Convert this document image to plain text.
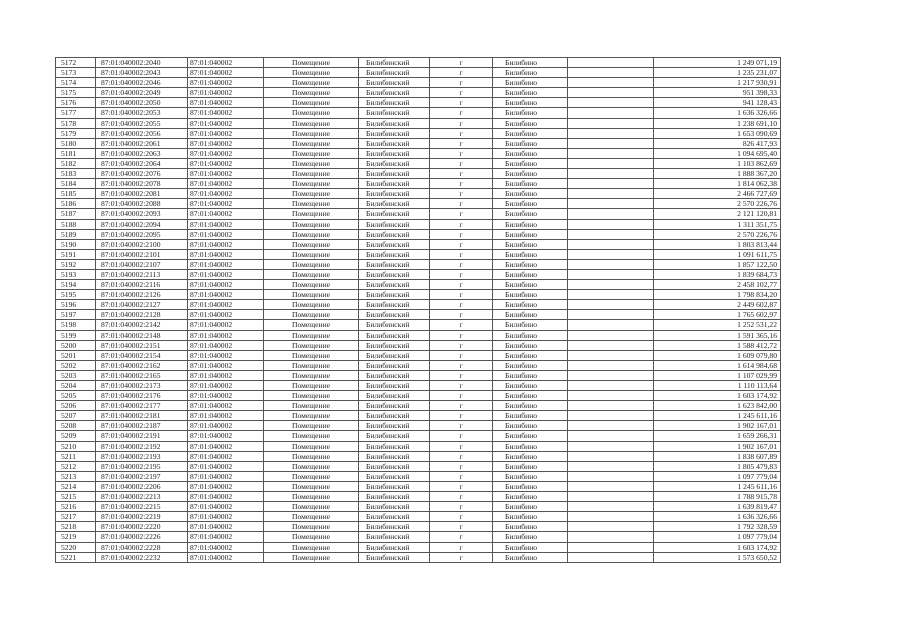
5172	87:01:040002:2040	87:01:040002	Помещение	Билибинский	г	Билибино		1 249 071,19
5173	87:01:040002:2043	87:01:040002	Помещение	Билибинский	г	Билибино		1 235 231,07
5174	87:01:040002:2046	87:01:040002	Помещение	Билибинский	г	Билибино		1 217 930,91
5175	87:01:040002:2049	87:01:040002	Помещение	Билибинский	г	Билибино		951 398,33
5176	87:01:040002:2050	87:01:040002	Помещение	Билибинский	г	Билибино		941 128,43
5177	87:01:040002:2053	87:01:040002	Помещение	Билибинский	г	Билибино		1 636 326,66
5178	87:01:040002:2055	87:01:040002	Помещение	Билибинский	г	Билибино		1 238 691,10
5179	87:01:040002:2056	87:01:040002	Помещение	Билибинский	г	Билибино		1 653 090,69
5180	87:01:040002:2061	87:01:040002	Помещение	Билибинский	г	Билибино		826 417,93
5181	87:01:040002:2063	87:01:040002	Помещение	Билибинский	г	Билибино		1 094 695,40
5182	87:01:040002:2064	87:01:040002	Помещение	Билибинский	г	Билибино		1 103 862,69
5183	87:01:040002:2076	87:01:040002	Помещение	Билибинский	г	Билибино		1 888 367,20
5184	87:01:040002:2078	87:01:040002	Помещение	Билибинский	г	Билибино		1 814 062,38
5185	87:01:040002:2081	87:01:040002	Помещение	Билибинский	г	Билибино		2 466 727,69
5186	87:01:040002:2088	87:01:040002	Помещение	Билибинский	г	Билибино		2 570 226,76
5187	87:01:040002:2093	87:01:040002	Помещение	Билибинский	г	Билибино		2 121 120,81
5188	87:01:040002:2094	87:01:040002	Помещение	Билибинский	г	Билибино		1 311 351,75
5189	87:01:040002:2095	87:01:040002	Помещение	Билибинский	г	Билибино		2 570 226,76
5190	87:01:040002:2100	87:01:040002	Помещение	Билибинский	г	Билибино		1 803 813,44
5191	87:01:040002:2101	87:01:040002	Помещение	Билибинский	г	Билибино		1 091 611,75
5192	87:01:040002:2107	87:01:040002	Помещение	Билибинский	г	Билибино		1 857 122,50
5193	87:01:040002:2113	87:01:040002	Помещение	Билибинский	г	Билибино		1 839 684,73
5194	87:01:040002:2116	87:01:040002	Помещение	Билибинский	г	Билибино		2 458 102,77
5195	87:01:040002:2126	87:01:040002	Помещение	Билибинский	г	Билибино		1 798 834,20
5196	87:01:040002:2127	87:01:040002	Помещение	Билибинский	г	Билибино		2 449 602,87
5197	87:01:040002:2128	87:01:040002	Помещение	Билибинский	г	Билибино		1 765 602,97
5198	87:01:040002:2142	87:01:040002	Помещение	Билибинский	г	Билибино		1 252 531,22
5199	87:01:040002:2148	87:01:040002	Помещение	Билибинский	г	Билибино		1 591 365,16
5200	87:01:040002:2151	87:01:040002	Помещение	Билибинский	г	Билибино		1 588 412,72
5201	87:01:040002:2154	87:01:040002	Помещение	Билибинский	г	Билибино		1 609 079,80
5202	87:01:040002:2162	87:01:040002	Помещение	Билибинский	г	Билибино		1 614 984,68
5203	87:01:040002:2165	87:01:040002	Помещение	Билибинский	г	Билибино		1 107 029,99
5204	87:01:040002:2173	87:01:040002	Помещение	Билибинский	г	Билибино		1 110 113,64
5205	87:01:040002:2176	87:01:040002	Помещение	Билибинский	г	Билибино		1 603 174,92
5206	87:01:040002:2177	87:01:040002	Помещение	Билибинский	г	Билибино		1 623 842,00
5207	87:01:040002:2181	87:01:040002	Помещение	Билибинский	г	Билибино		1 245 611,16
5208	87:01:040002:2187	87:01:040002	Помещение	Билибинский	г	Билибино		1 902 167,01
5209	87:01:040002:2191	87:01:040002	Помещение	Билибинский	г	Билибино		1 659 266,31
5210	87:01:040002:2192	87:01:040002	Помещение	Билибинский	г	Билибино		1 902 167,01
5211	87:01:040002:2193	87:01:040002	Помещение	Билибинский	г	Билибино		1 838 607,89
5212	87:01:040002:2195	87:01:040002	Помещение	Билибинский	г	Билибино		1 805 479,83
5213	87:01:040002:2197	87:01:040002	Помещение	Билибинский	г	Билибино		1 097 779,04
5214	87:01:040002:2206	87:01:040002	Помещение	Билибинский	г	Билибино		1 245 611,16
5215	87:01:040002:2213	87:01:040002	Помещение	Билибинский	г	Билибино		1 788 915,78
5216	87:01:040002:2215	87:01:040002	Помещение	Билибинский	г	Билибино		1 639 819,47
5217	87:01:040002:2219	87:01:040002	Помещение	Билибинский	г	Билибино		1 636 326,66
5218	87:01:040002:2220	87:01:040002	Помещение	Билибинский	г	Билибино		1 792 328,59
5219	87:01:040002:2226	87:01:040002	Помещение	Билибинский	г	Билибино		1 097 779,04
5220	87:01:040002:2228	87:01:040002	Помещение	Билибинский	г	Билибино		1 603 174,92
5221	87:01:040002:2232	87:01:040002	Помещение	Билибинский	г	Билибино		1 573 650,52
